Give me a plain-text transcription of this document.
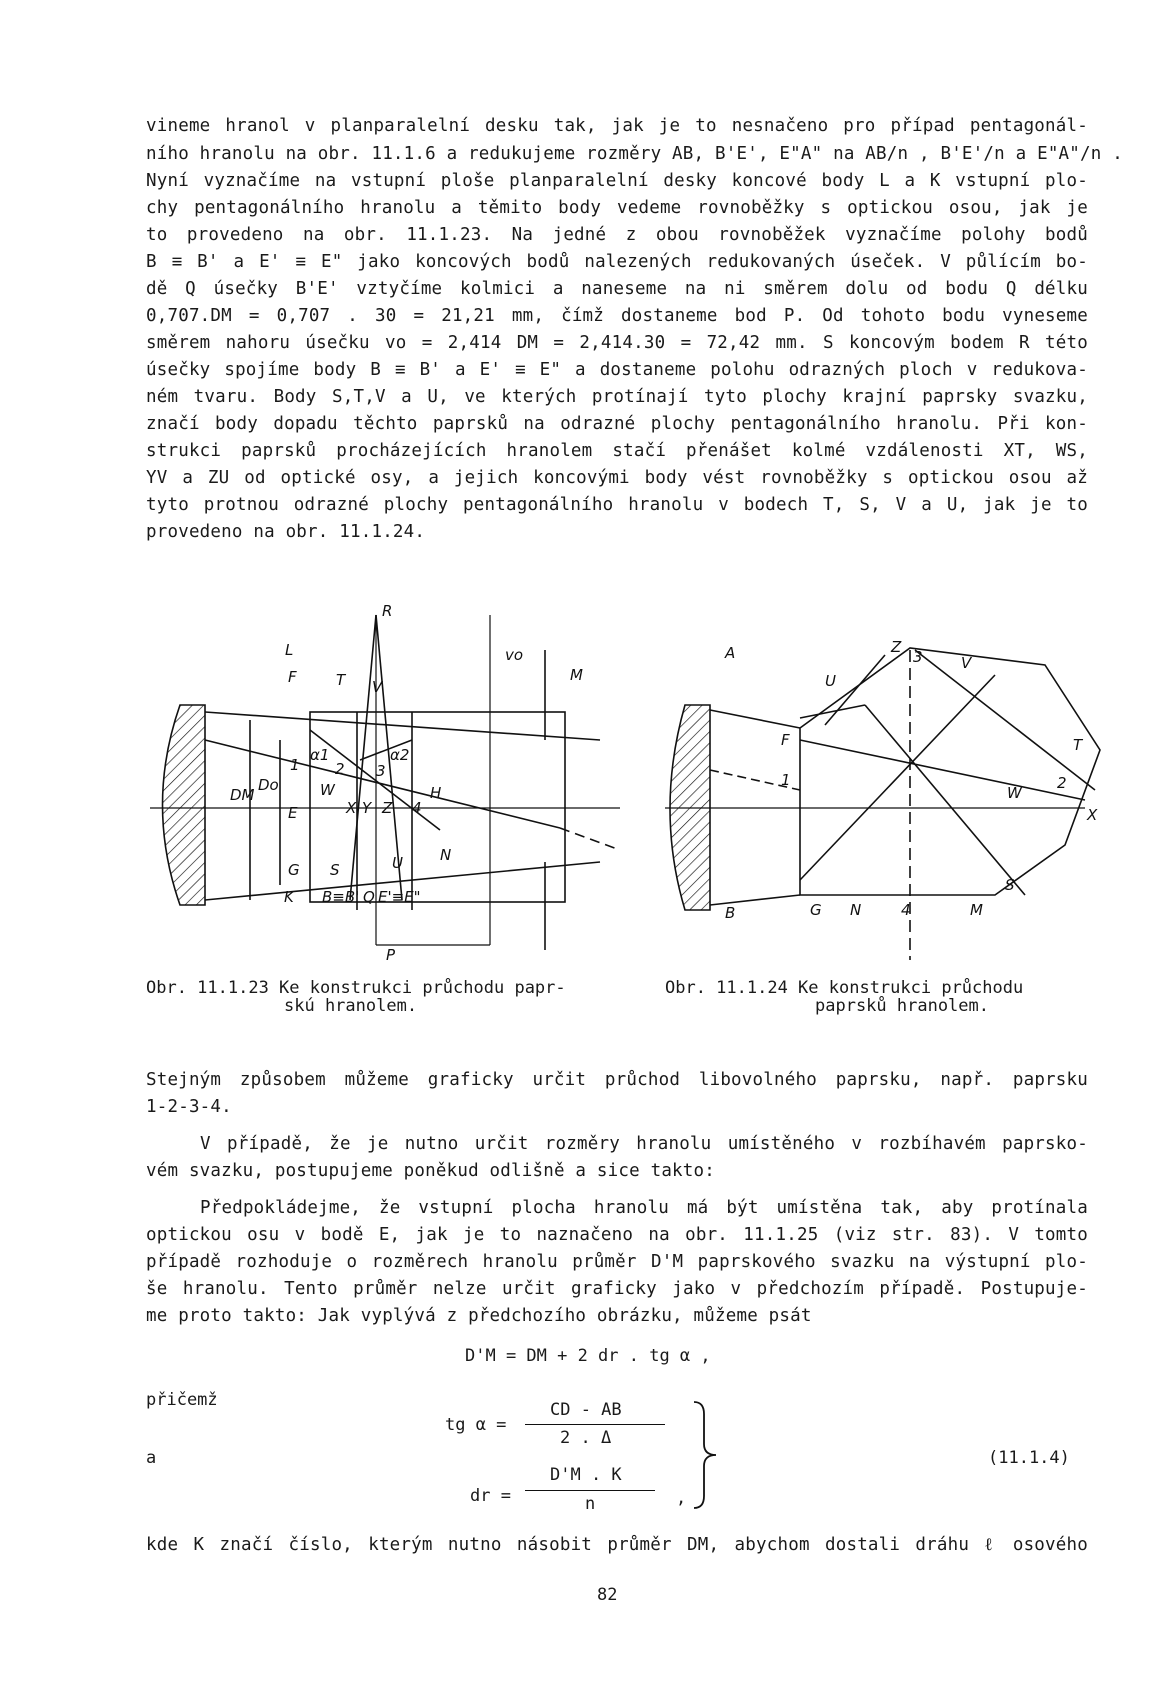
vineme hranol v planparalelní desku tak, jak je to nesnačeno pro případ pentagonál-
ního hranolu na obr. 11.1.6 a redukujeme rozměry AB, B'E', E"A" na AB/n , B'E'/n a E"A"/n .
Nyní vyznačíme na vstupní ploše planparalelní desky koncové body L a K vstupní plo-
chy pentagonálního hranolu a těmito body vedeme rovnoběžky s optickou osou, jak je
to provedeno na obr. 11.1.23. Na jedné z obou rovnoběžek vyznačíme polohy bodů
B ≡ B' a E' ≡ E" jako koncových bodů nalezených redukovaných úseček. V půlícím bo-
dě Q úsečky B'E' vztyčíme kolmici a naneseme na ni směrem dolu od bodu Q délku
0,707.DM = 0,707 . 30 = 21,21 mm, čímž dostaneme bod P. Od tohoto bodu vyneseme
směrem nahoru úsečku vo = 2,414 DM = 2,414.30 = 72,42 mm. S koncovým bodem R této
úsečky spojíme body B ≡ B' a E' ≡ E" a dostaneme polohu odrazných ploch v redukova-
ném tvaru. Body S,T,V a U, ve kterých protínají tyto plochy krajní paprsky svazku,
značí body dopadu těchto paprsků na odrazné plochy pentagonálního hranolu. Při kon-
strukci paprsků procházejících hranolem stačí přenášet kolmé vzdálenosti XT, WS,
YV a ZU od optické osy, a jejich koncovými body vést rovnoběžky s optickou osou až
tyto protnou odrazné plochy pentagonálního hranolu v bodech T, S, V a U, jak je to
provedeno na obr. 11.1.24.
R
L
M
F	T V
vo
DM
Do
1 2 3
4
α1	α2
W
X Y Z
H
E
G S	U N
K B≡B' Q E'≡E"
P
A	Z
3	V
U
F	T
1	2
W
X
S
B	G N	4	M
Obr. 11.1.23 Ke konstrukci průchodu papr-
skú hranolem.
Obr. 11.1.24 Ke konstrukci průchodu
paprsků hranolem.
Stejným způsobem můžeme graficky určit průchod libovolného paprsku, např. paprsku
1-2-3-4.
V případě, že je nutno určit rozměry hranolu umístěného v rozbíhavém paprsko-
vém svazku, postupujeme poněkud odlišně a sice takto:
Předpokládejme, že vstupní plocha hranolu má být umístěna tak, aby protínala
optickou osu v bodě E, jak je to naznačeno na obr. 11.1.25 (viz str. 83). V tomto
případě rozhoduje o rozměrech hranolu průměr D'M paprskového svazku na výstupní plo-
še hranolu. Tento průměr nelze určit graficky jako v předchozím případě. Postupuje-
me proto takto: Jak vyplývá z předchozího obrázku, můžeme psát
D'M = DM + 2 dr . tg α ,
přičemž
a
tg α =
CD - AB
2 . Δ
dr =
D'M . K
n	,
(11.1.4)
kde K značí číslo, kterým nutno násobit průměr DM, abychom dostali dráhu ℓ osového
82
